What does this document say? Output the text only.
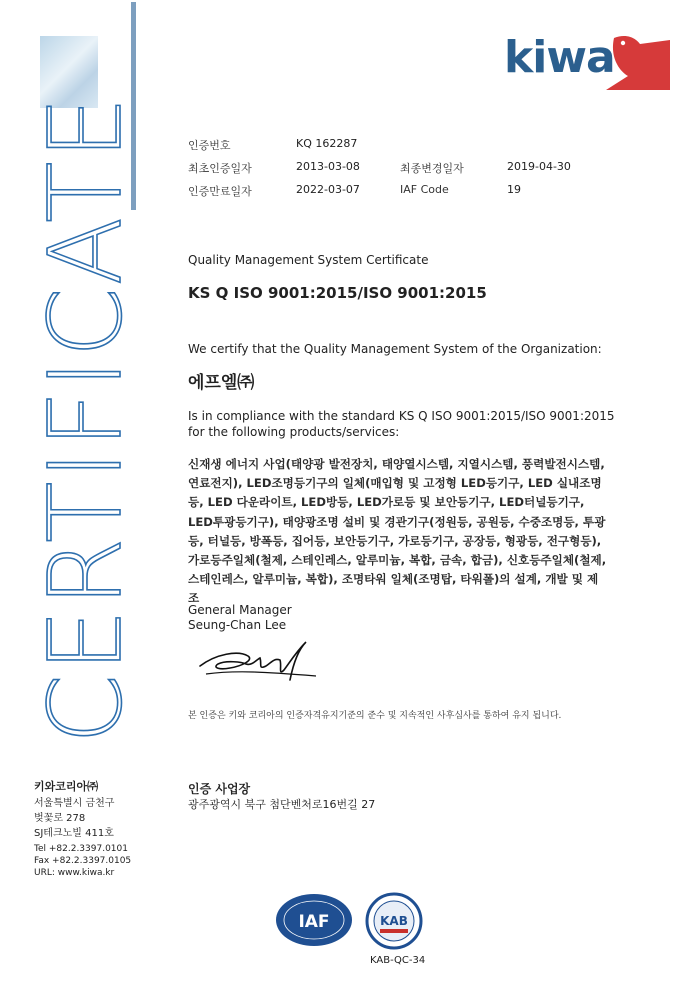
CERTIFICATE
kiwa
인증번호	KQ 162287
최초인증일자	2013-03-08	최종변경일자	2019-04-30
인증만료일자	2022-03-07	IAF Code	19
Quality Management System Certificate
KS Q ISO 9001:2015/ISO 9001:2015
We certify that the Quality Management System of the Organization:
에프엘㈜
Is in compliance with the standard KS Q ISO 9001:2015/ISO 9001:2015
for the following products/services:
신재생 에너지 사업(태양광 발전장치, 태양열시스템, 지열시스템, 풍력발전시스템, 연료전지), LED조명등기구의 일체(매입형 및 고정형 LED등기구, LED 실내조명등, LED 다운라이트, LED방등, LED가로등 및 보안등기구, LED터널등기구, LED투광등기구), 태양광조명 설비 및 경관기구(정원등, 공원등, 수중조명등, 투광등, 터널등, 방폭등, 집어등, 보안등기구, 가로등기구, 공장등, 형광등, 전구형등), 가로등주일체(철제, 스테인레스, 알루미늄, 복합, 금속, 합금), 신호등주일체(철제, 스테인레스, 알루미늄, 복합), 조명타워 일체(조명탑, 타워폴)의 설계, 개발 및 제조
General Manager
Seung-Chan Lee
본 인증은 키와 코리아의 인증자격유지기준의 준수 및 지속적인 사후심사를 통하여 유지 됩니다.
키와코리아㈜
서울특별시 금천구
벚꽃로 278
SJ테크노빌 411호
Tel +82.2.3397.0101
Fax +82.2.3397.0105
URL: www.kiwa.kr
인증 사업장
광주광역시 북구 첨단벤처로16번길 27
IAF	KAB
KAB-QC-34
